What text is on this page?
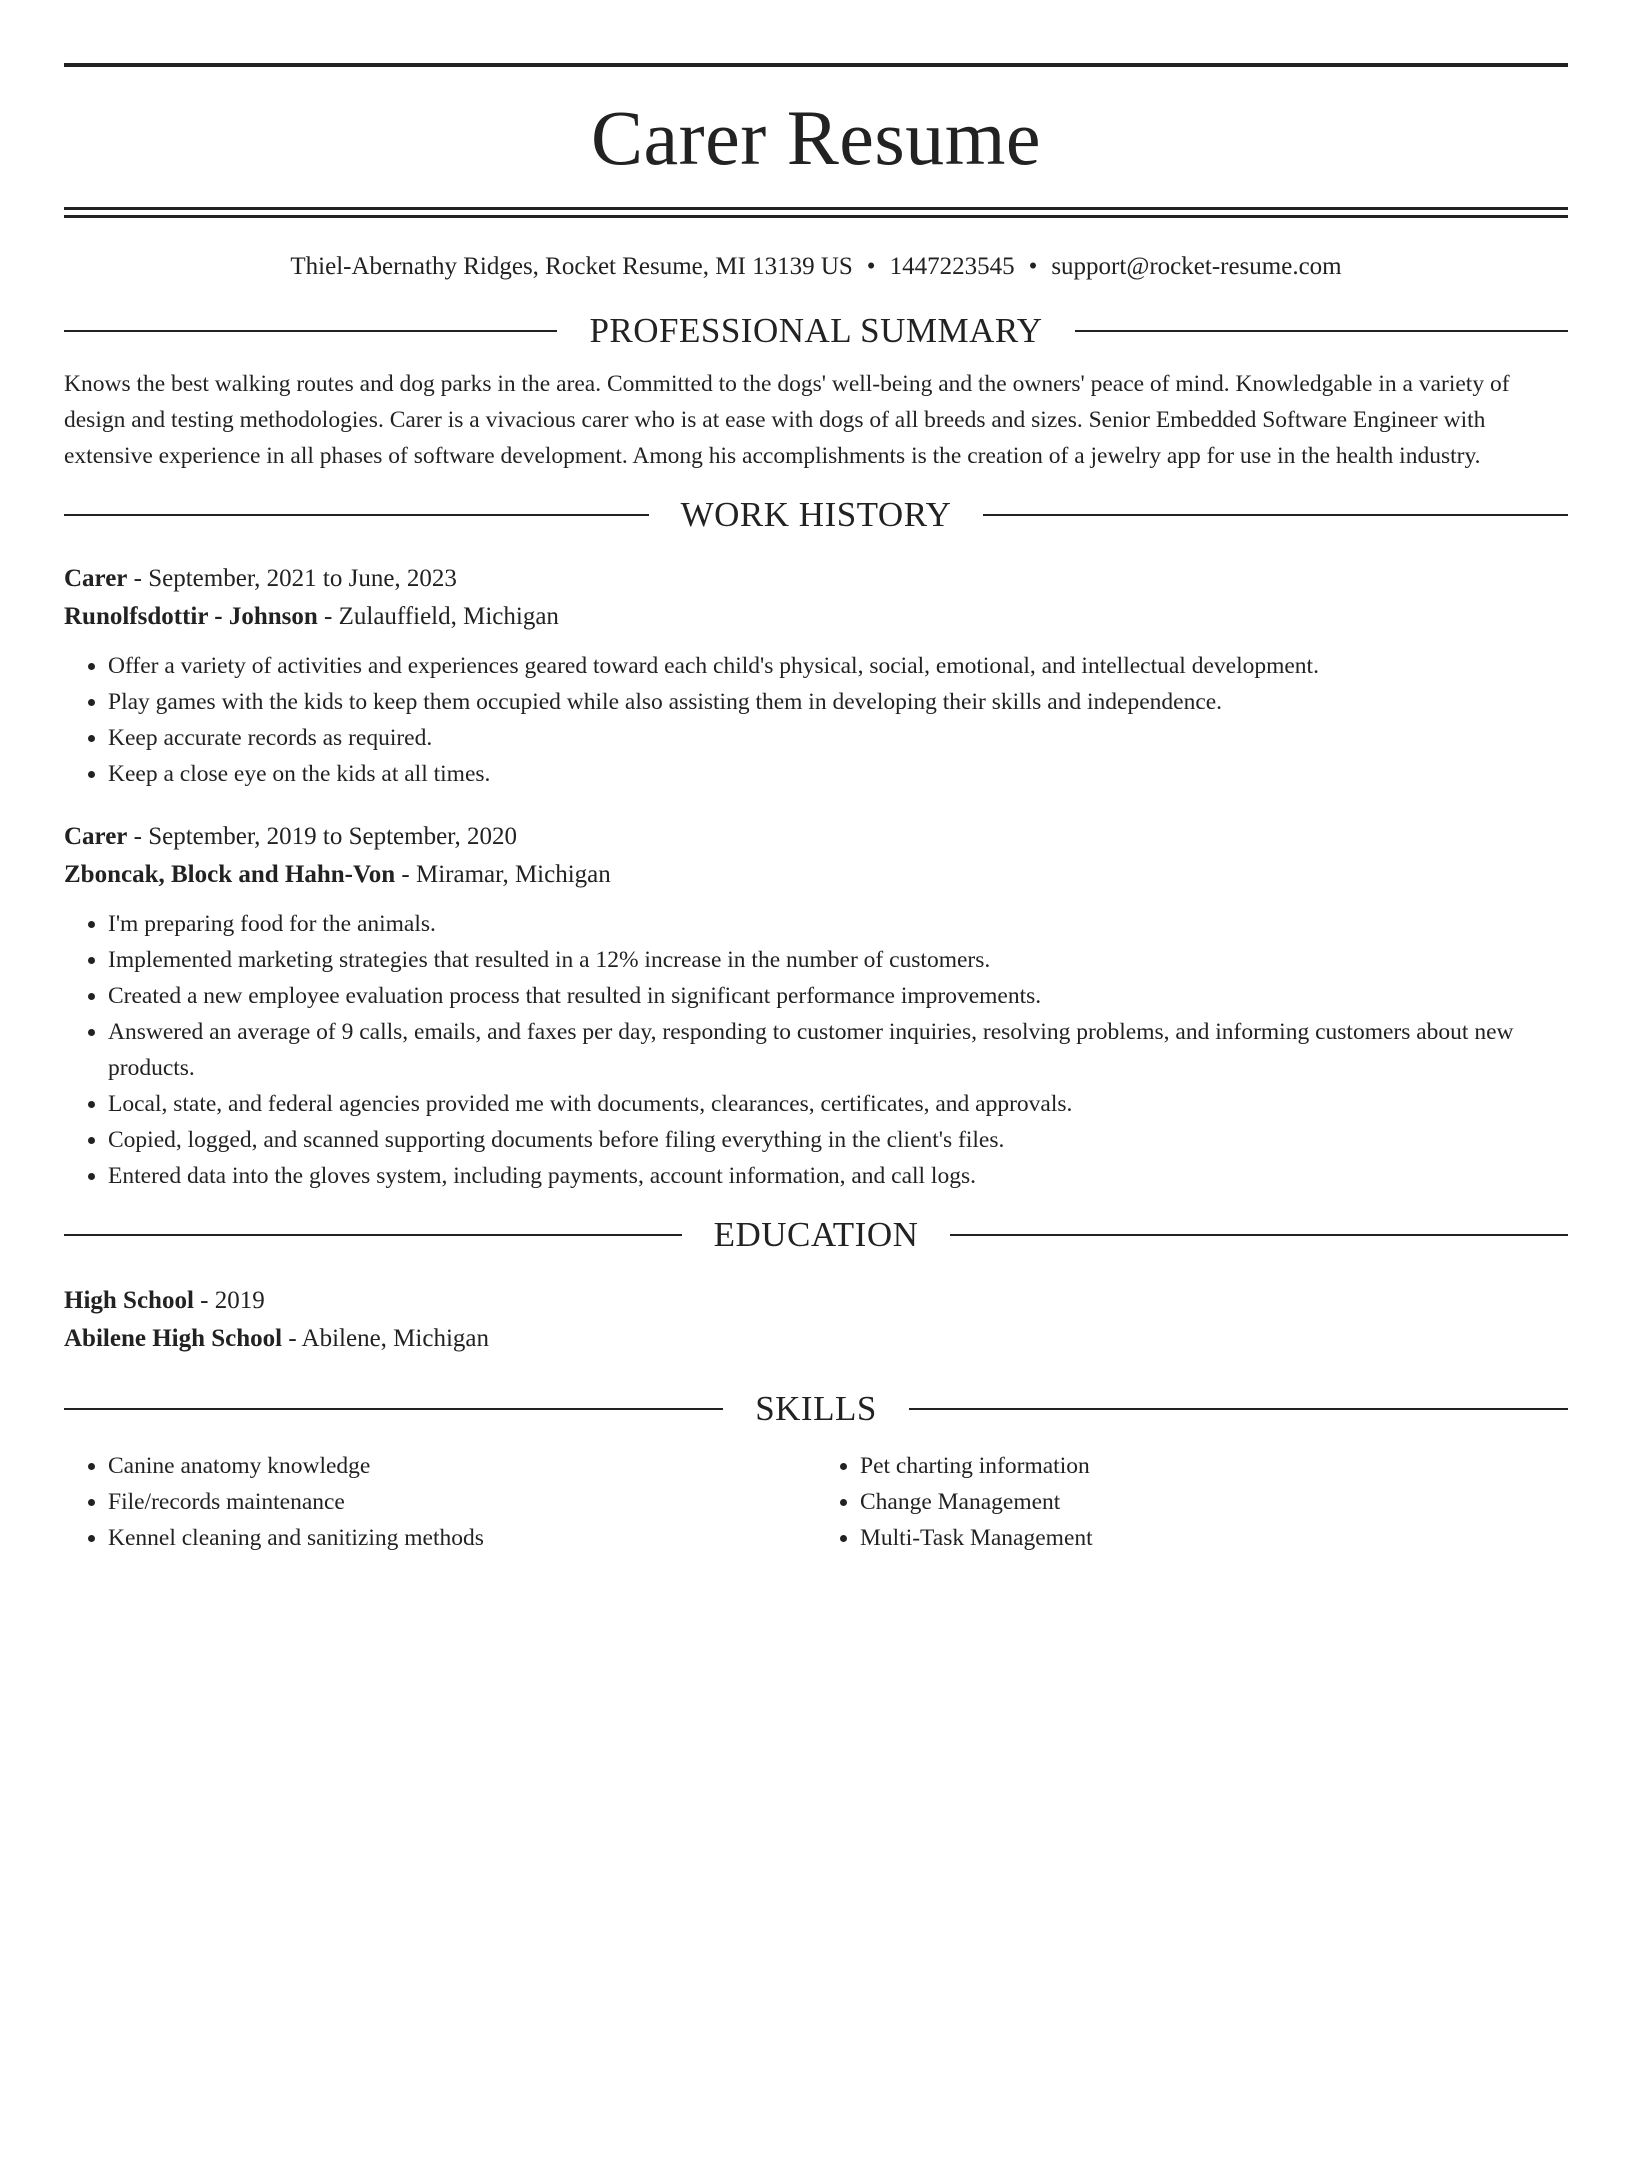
Carer Resume
Thiel-Abernathy Ridges, Rocket Resume, MI 13139 US • 1447223545 • support@rocket-resume.com
PROFESSIONAL SUMMARY
Knows the best walking routes and dog parks in the area. Committed to the dogs' well-being and the owners' peace of mind. Knowledgable in a variety of design and testing methodologies. Carer is a vivacious carer who is at ease with dogs of all breeds and sizes. Senior Embedded Software Engineer with extensive experience in all phases of software development. Among his accomplishments is the creation of a jewelry app for use in the health industry.
WORK HISTORY
Carer - September, 2021 to June, 2023
Runolfsdottir - Johnson - Zulauffield, Michigan
• Offer a variety of activities and experiences geared toward each child's physical, social, emotional, and intellectual development.
• Play games with the kids to keep them occupied while also assisting them in developing their skills and independence.
• Keep accurate records as required.
• Keep a close eye on the kids at all times.
Carer - September, 2019 to September, 2020
Zboncak, Block and Hahn-Von - Miramar, Michigan
• I'm preparing food for the animals.
• Implemented marketing strategies that resulted in a 12% increase in the number of customers.
• Created a new employee evaluation process that resulted in significant performance improvements.
• Answered an average of 9 calls, emails, and faxes per day, responding to customer inquiries, resolving problems, and informing customers about new products.
• Local, state, and federal agencies provided me with documents, clearances, certificates, and approvals.
• Copied, logged, and scanned supporting documents before filing everything in the client's files.
• Entered data into the gloves system, including payments, account information, and call logs.
EDUCATION
High School - 2019
Abilene High School - Abilene, Michigan
SKILLS
• Canine anatomy knowledge
• File/records maintenance
• Kennel cleaning and sanitizing methods
• Pet charting information
• Change Management
• Multi-Task Management
